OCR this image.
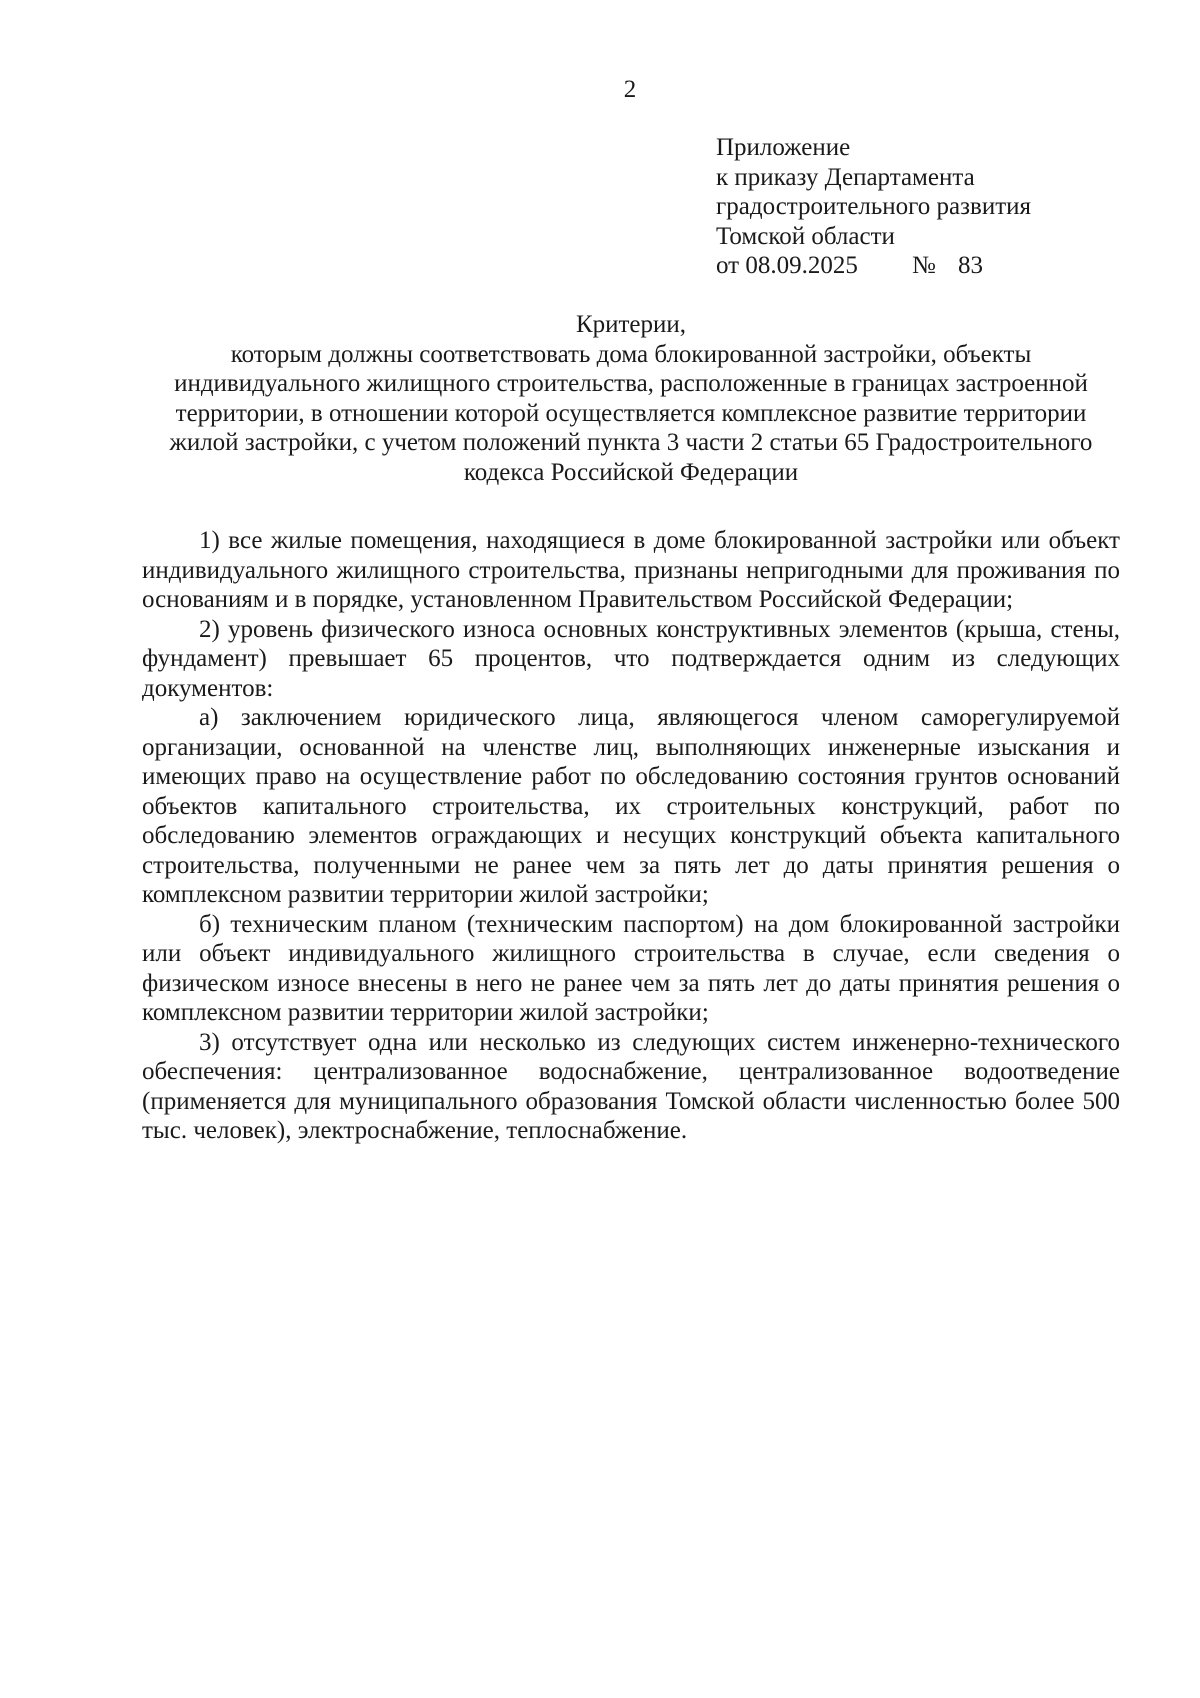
2
Приложение
к приказу Департамента
градостроительного развития
Томской области
от 08.09.2025 № 83
Критерии,
которым должны соответствовать дома блокированной застройки, объекты
индивидуального жилищного строительства, расположенные в границах застроенной
территории, в отношении которой осуществляется комплексное развитие территории
жилой застройки, с учетом положений пункта 3 части 2 статьи 65 Градостроительного
кодекса Российской Федерации

1) все жилые помещения, находящиеся в доме блокированной застройки или объект индивидуального жилищного строительства, признаны непригодными для проживания по основаниям и в порядке, установленном Правительством Российской Федерации;

2) уровень физического износа основных конструктивных элементов (крыша, стены, фундамент) превышает 65 процентов, что подтверждается одним из следующих документов:

а) заключением юридического лица, являющегося членом саморегулируемой организации, основанной на членстве лиц, выполняющих инженерные изыскания и имеющих право на осуществление работ по обследованию состояния грунтов оснований объектов капитального строительства, их строительных конструкций, работ по обследованию элементов ограждающих и несущих конструкций объекта капитального строительства, полученными не ранее чем за пять лет до даты принятия решения о комплексном развитии территории жилой застройки;

б) техническим планом (техническим паспортом) на дом блокированной застройки или объект индивидуального жилищного строительства в случае, если сведения о физическом износе внесены в него не ранее чем за пять лет до даты принятия решения о комплексном развитии территории жилой застройки;

3) отсутствует одна или несколько из следующих систем инженерно-технического обеспечения: централизованное водоснабжение, централизованное водоотведение (применяется для муниципального образования Томской области численностью более 500 тыс. человек), электроснабжение, теплоснабжение.
